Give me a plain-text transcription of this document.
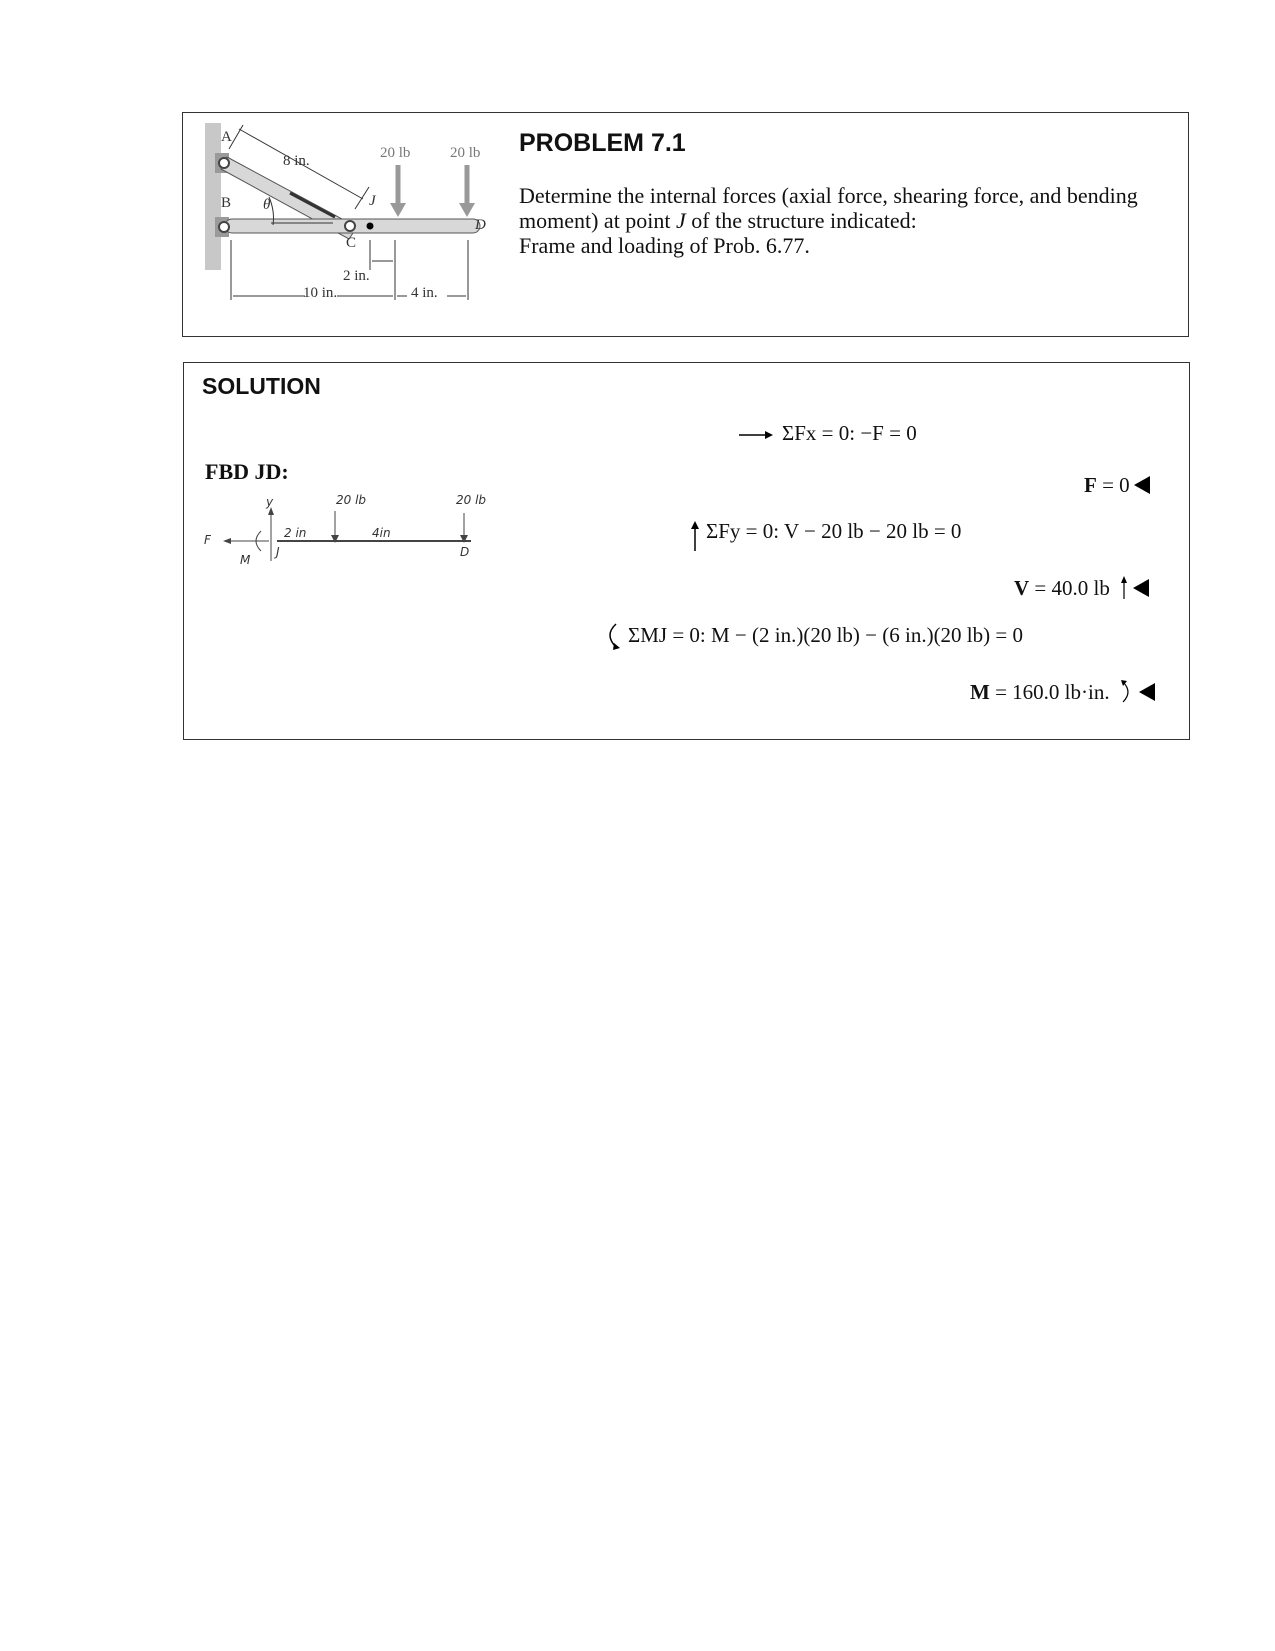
A
B
C
D
J
θ
8 in.
10 in.
2 in.
4 in.
20 lb	20 lb PROBLEM 7.1
Determine the internal forces (axial force, shearing force, and bending
moment) at point J of the structure indicated:
Frame and loading of Prob. 6.77.
SOLUTION
FBD JD:
F
M
y
J	D
2 in	4in
20 lb	20 lb
ΣFx = 0: −F = 0
F = 0
ΣFy = 0: V − 20 lb − 20 lb = 0
V = 40.0 lb
ΣMJ = 0: M − (2 in.)(20 lb) − (6 in.)(20 lb) = 0
M = 160.0 lb·in.
